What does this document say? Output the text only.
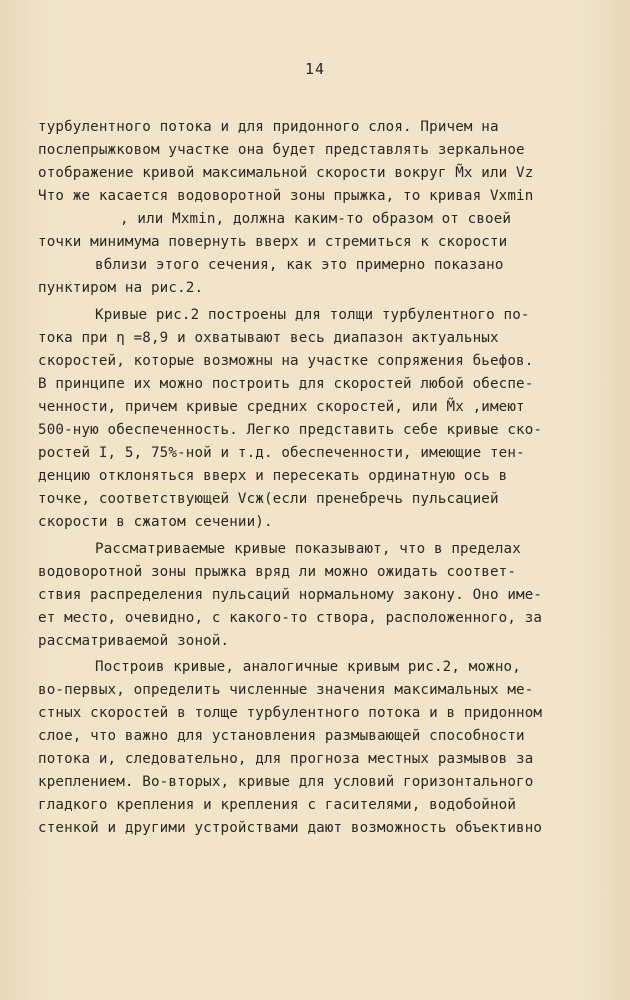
14
турбулентного потока и для придонного слоя. Причем на
послепрыжковом участке она будет представлять зеркальное
отображение кривой максимальной скорости вокруг M̃x или Vz
Что же касается водоворотной зоны прыжка, то кривая Vxmin
, или Mxmin, должна каким-то образом от своей
точки минимума повернуть вверх и стремиться к скорости
вблизи этого сечения, как это примерно показано
пунктиром на рис.2.
Кривые рис.2 построены для толщи турбулентного по-
тока при η =8,9 и охватывают весь диапазон актуальных
скоростей, которые возможны на участке сопряжения бьефов.
В принципе их можно построить для скоростей любой обеспе-
ченности, причем кривые средних скоростей, или M̃x ,имеют
500-ную обеспеченность. Легко представить себе кривые ско-
ростей I, 5, 75%-ной и т.д. обеспеченности, имеющие тен-
денцию отклоняться вверх и пересекать ординатную ось в
точке, соответствующей Vсж(если пренебречь пульсацией
скорости в сжатом сечении).
Рассматриваемые кривые показывают, что в пределах
водоворотной зоны прыжка вряд ли можно ожидать соответ-
ствия распределения пульсаций нормальному закону. Оно име-
ет место, очевидно, с какого-то створа, расположенного, за
рассматриваемой зоной.
Построив кривые, аналогичные кривым рис.2, можно,
во-первых, определить численные значения максимальных ме-
стных скоростей в толще турбулентного потока и в придонном
слое, что важно для установления размывающей способности
потока и, следовательно, для прогноза местных размывов за
креплением. Во-вторых, кривые для условий горизонтального
гладкого крепления и крепления с гасителями, водобойной
стенкой и другими устройствами дают возможность объективно
